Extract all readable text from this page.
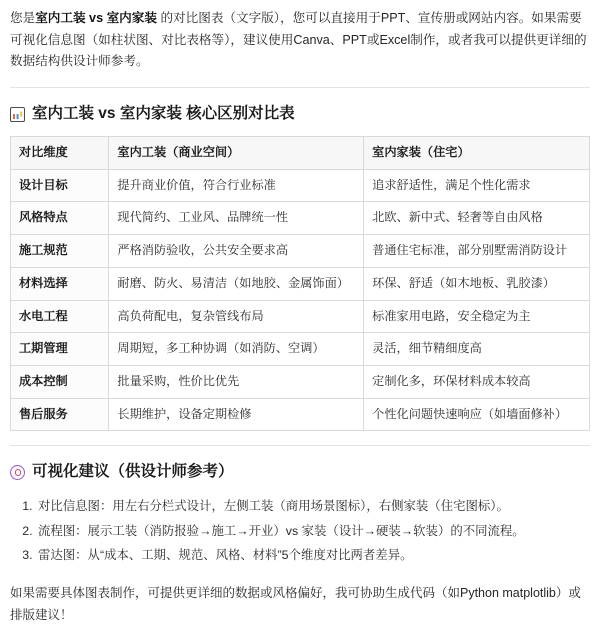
您是室内工装 vs 室内家装 的对比图表（文字版），您可以直接用于PPT、宣传册或网站内容。如果需要可视化信息图（如柱状图、对比表格等），建议使用Canva、PPT或Excel制作，或者我可以提供更详细的数据结构供设计师参考。

室内工装 vs 室内家装 核心区别对比表
对比维度	室内工装（商业空间）	室内家装（住宅）
设计目标	提升商业价值，符合行业标准	追求舒适性，满足个性化需求
风格特点	现代简约、工业风、品牌统一性	北欧、新中式、轻奢等自由风格
施工规范	严格消防验收，公共安全要求高	普通住宅标准，部分别墅需消防设计
材料选择	耐磨、防火、易清洁（如地胶、金属饰面）	环保、舒适（如木地板、乳胶漆）
水电工程	高负荷配电，复杂管线布局	标准家用电路，安全稳定为主
工期管理	周期短，多工种协调（如消防、空调）	灵活，细节精细度高
成本控制	批量采购，性价比优先	定制化多，环保材料成本较高
售后服务	长期维护，设备定期检修	个性化问题快速响应（如墙面修补）
可视化建议（供设计师参考）
1. 对比信息图：用左右分栏式设计，左侧工装（商用场景图标），右侧家装（住宅图标）。
2. 流程图：展示工装（消防报验→施工→开业）vs 家装（设计→硬装→软装）的不同流程。
3. 雷达图：从“成本、工期、规范、风格、材料”5个维度对比两者差异。

如果需要具体图表制作，可提供更详细的数据或风格偏好，我可协助生成代码（如Python matplotlib）或排版建议！
